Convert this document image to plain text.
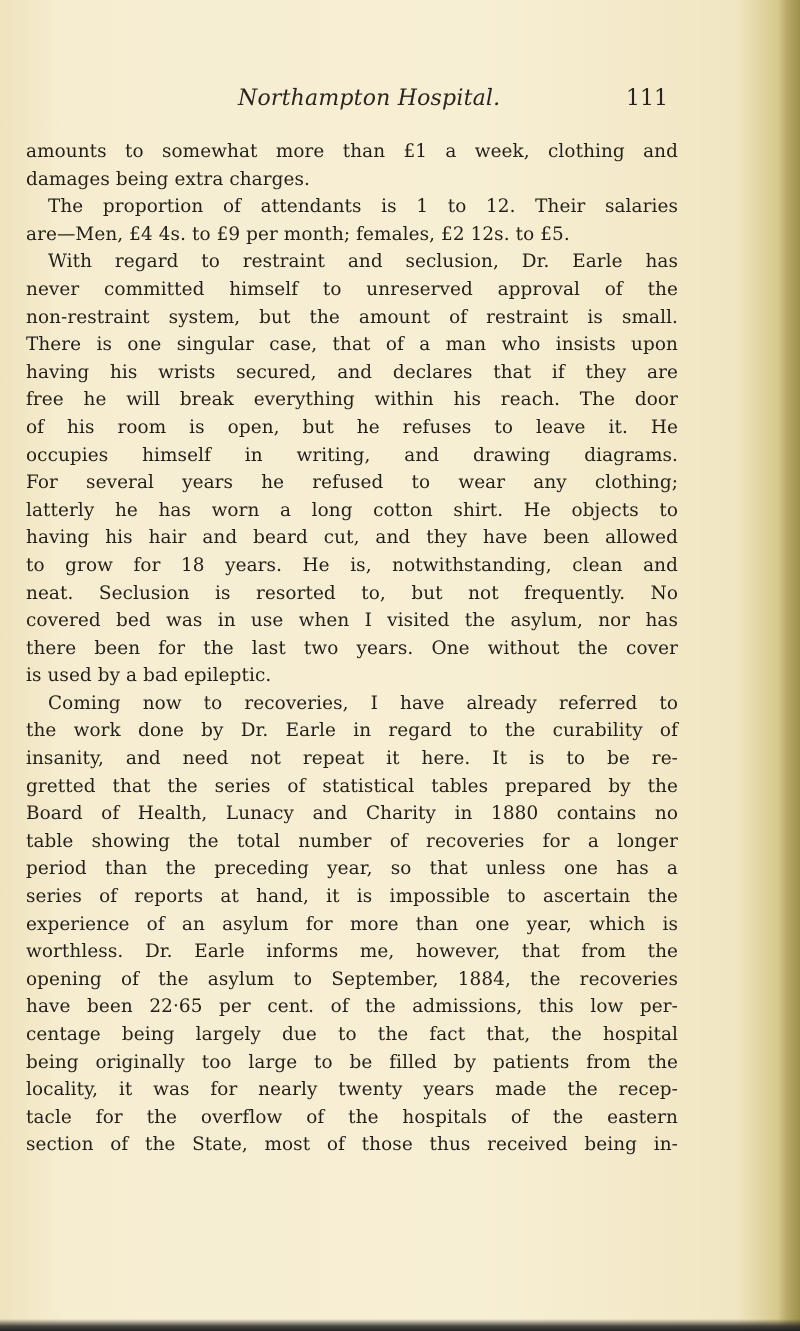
Northampton Hospital.	111
amounts to somewhat more than £1 a week, clothing and
damages being extra charges.
The proportion of attendants is 1 to 12. Their salaries
are—Men, £4 4s. to £9 per month; females, £2 12s. to £5.
With regard to restraint and seclusion, Dr. Earle has
never committed himself to unreserved approval of the
non-restraint system, but the amount of restraint is small.
There is one singular case, that of a man who insists upon
having his wrists secured, and declares that if they are
free he will break everything within his reach. The door
of his room is open, but he refuses to leave it. He
occupies himself in writing, and drawing diagrams.
For several years he refused to wear any clothing;
latterly he has worn a long cotton shirt. He objects to
having his hair and beard cut, and they have been allowed
to grow for 18 years. He is, notwithstanding, clean and
neat. Seclusion is resorted to, but not frequently. No
covered bed was in use when I visited the asylum, nor has
there been for the last two years. One without the cover
is used by a bad epileptic.
Coming now to recoveries, I have already referred to
the work done by Dr. Earle in regard to the curability of
insanity, and need not repeat it here. It is to be re-
gretted that the series of statistical tables prepared by the
Board of Health, Lunacy and Charity in 1880 contains no
table showing the total number of recoveries for a longer
period than the preceding year, so that unless one has a
series of reports at hand, it is impossible to ascertain the
experience of an asylum for more than one year, which is
worthless. Dr. Earle informs me, however, that from the
opening of the asylum to September, 1884, the recoveries
have been 22·65 per cent. of the admissions, this low per-
centage being largely due to the fact that, the hospital
being originally too large to be filled by patients from the
locality, it was for nearly twenty years made the recep-
tacle for the overflow of the hospitals of the eastern
section of the State, most of those thus received being in-
